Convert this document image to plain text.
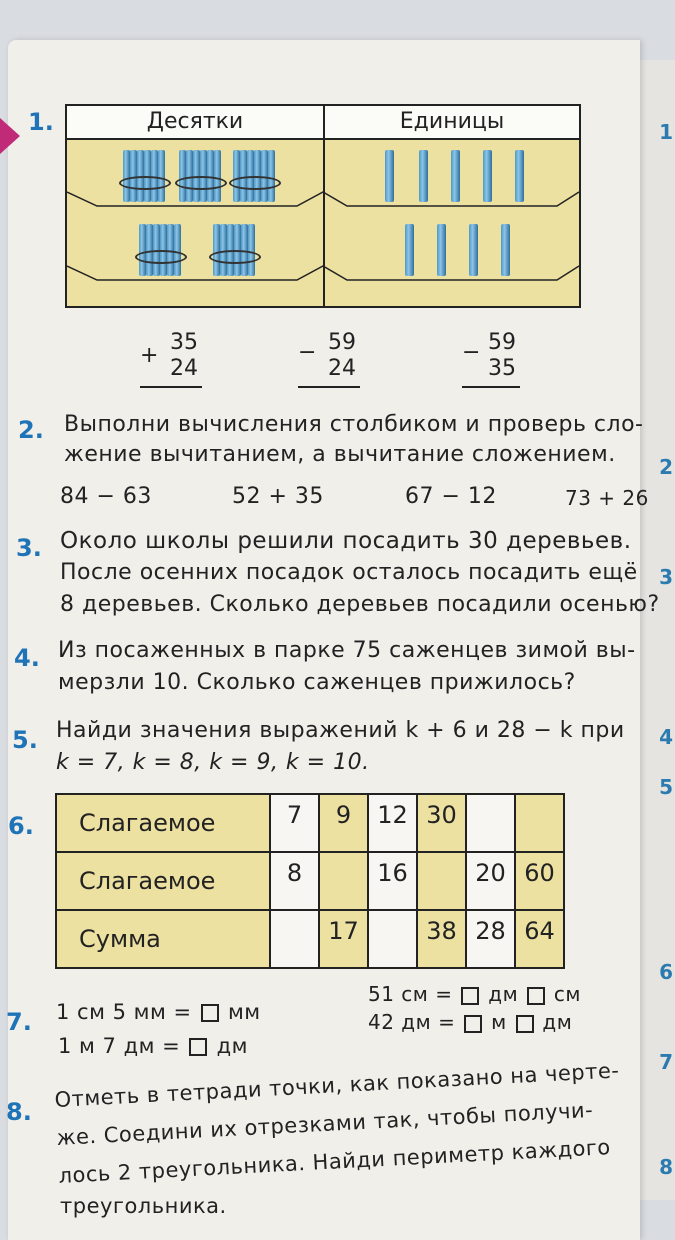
1
2
3
4
5
6
7
8
1.	Десятки	Единицы
+
35
24
− 59
24
− 59
35
2. Выполни вычисления столбиком и проверь сло-
жение вычитанием, а вычитание сложением.
84 − 63	52 + 35	67 − 12	73 + 26
3. Около школы решили посадить 30 деревьев.
После осенних посадок осталось посадить ещё
8 деревьев. Сколько деревьев посадили осенью?
4. Из посаженных в парке 75 саженцев зимой вы-
мерзли 10. Сколько саженцев прижилось?
5. Найди значения выражений k + 6 и 28 − k при
k = 7, k = 8, k = 9, k = 10.
6. Слагаемое	7	9	12	30		
Слагаемое	8		16		20	60
Сумма		17		38	28	64
7. 1 см 5 мм = мм
1 м 7 дм = дм
51 см = дм см
42 дм = м дм
8.
Отметь в тетради точки, как показано на черте-
же. Соедини их отрезками так, чтобы получи-
лось 2 треугольника. Найди периметр каждого
треугольника.
